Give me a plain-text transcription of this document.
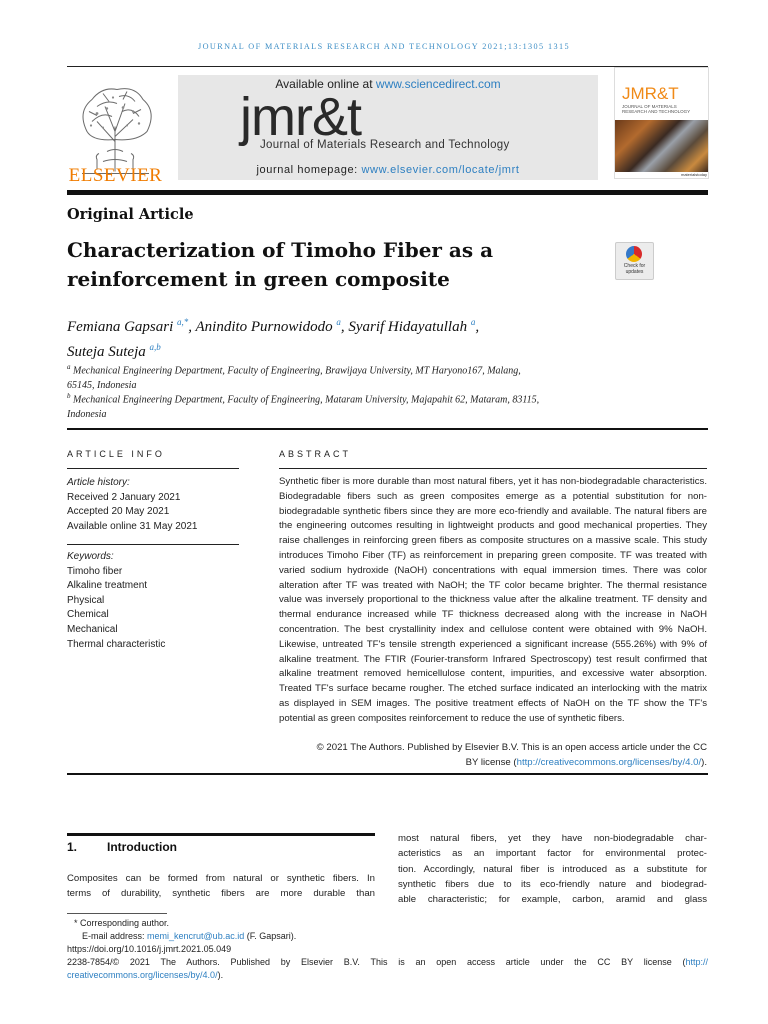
JOURNAL OF MATERIALS RESEARCH AND TECHNOLOGY 2021;13:1305 1315
ELSEVIER
Available online at www.sciencedirect.com
jmr&t
Journal of Materials Research and Technology
journal homepage: www.elsevier.com/locate/jmrt
JMR&T
JOURNAL OF MATERIALS RESEARCH AND TECHNOLOGY
materialstoday
Original Article
Characterization of Timoho Fiber as a
reinforcement in green composite
Check for updates
Femiana Gapsari $^{a,*}$, Anindito Purnowidodo $^a$, Syarif Hidayatullah $^a$,
Suteja Suteja $^{a,b}$
$^a$ Mechanical Engineering Department, Faculty of Engineering, Brawijaya University, MT Haryono167, Malang,
65145, Indonesia
$^b$ Mechanical Engineering Department, Faculty of Engineering, Mataram University, Majapahit 62, Mataram, 83115,
Indonesia
ARTICLE INFO
Article history:
Received 2 January 2021
Accepted 20 May 2021
Available online 31 May 2021
Keywords:
Timoho fiber
Alkaline treatment
Physical
Chemical
Mechanical
Thermal characteristic
ABSTRACT
Synthetic fiber is more durable than most natural fibers, yet it has non-biodegradable characteristics. Biodegradable fibers such as green composites emerge as a potential substitution for non-biodegradable synthetic fibers since they are more eco-friendly and available. The natural fibers are the engineering outcomes resulting in lightweight products and good mechanical properties. They raise challenges in reinforcing green fibers as composite structures on a massive scale. This study introduces Timoho Fiber (TF) as reinforcement in preparing green composite. TF was treated with varied sodium hydroxide (NaOH) concentrations with equal immersion times. There was color alteration after TF was treated with NaOH; the TF color became brighter. The thermal resistance value was inversely proportional to the thickness value after the alkaline treatment. TF density and thermal endurance increased while TF thickness decreased along with the increase in NaOH concentration. The best crystallinity index and cellulose content were obtained with 9% NaOH. Likewise, untreated TF's tensile strength experienced a significant increase (555.26%) with 9% of alkaline treatment. The FTIR (Fourier-transform Infrared Spectroscopy) test result confirmed that alkaline treatment removed hemicellulose content, impurities, and excessive water absorption. Treated TF's surface became rougher. The etched surface indicated an interlocking with the matrix as displayed in SEM images. The positive treatment effects of NaOH on the TF show the TF's potential as green composites reinforcement to reduce the use of synthetic fibers.
© 2021 The Authors. Published by Elsevier B.V. This is an open access article under the CC
BY license (http://creativecommons.org/licenses/by/4.0/).
1. Introduction
Composites can be formed from natural or synthetic fibers. In
terms of durability, synthetic fibers are more durable than
most natural fibers, yet they have non-biodegradable char-
acteristics as an important factor for environmental protec-
tion. Accordingly, natural fiber is introduced as a substitute for
synthetic fibers due to its eco-friendly nature and biodegrad-
able characteristic; for example, carbon, aramid and glass
* Corresponding author.
E-mail address: memi_kencrut@ub.ac.id (F. Gapsari).
https://doi.org/10.1016/j.jmrt.2021.05.049
2238-7854/© 2021 The Authors. Published by Elsevier B.V. This is an open access article under the CC BY license (http://
creativecommons.org/licenses/by/4.0/).
